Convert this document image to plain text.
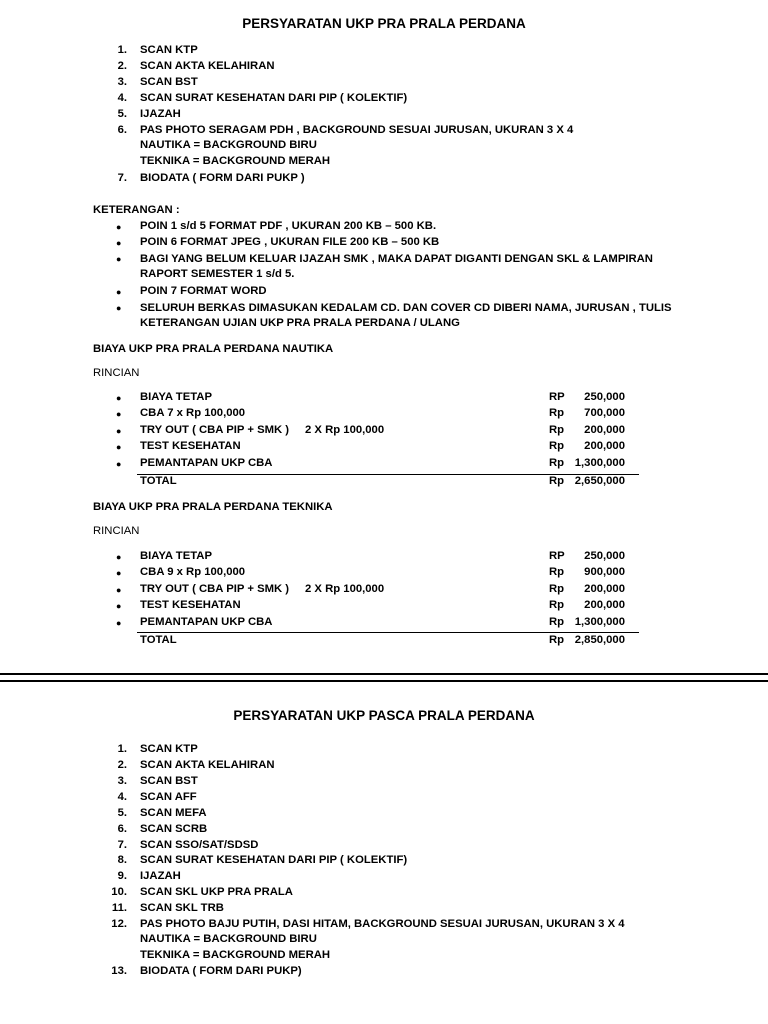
PERSYARATAN UKP PRA PRALA PERDANA
1. SCAN KTP
2. SCAN AKTA KELAHIRAN
3. SCAN BST
4. SCAN SURAT KESEHATAN DARI PIP ( KOLEKTIF)
5. IJAZAH
6. PAS PHOTO SERAGAM PDH , BACKGROUND SESUAI JURUSAN, UKURAN 3 X 4
NAUTIKA = BACKGROUND BIRU
TEKNIKA = BACKGROUND MERAH
7. BIODATA ( FORM DARI PUKP )
KETERANGAN :
● POIN 1 s/d 5 FORMAT PDF , UKURAN 200 KB – 500 KB.
● POIN 6 FORMAT JPEG , UKURAN FILE 200 KB – 500 KB
● BAGI YANG BELUM KELUAR IJAZAH SMK , MAKA DAPAT DIGANTI DENGAN SKL & LAMPIRAN
RAPORT SEMESTER 1 s/d 5.
● POIN 7 FORMAT WORD
● SELURUH BERKAS DIMASUKAN KEDALAM CD. DAN COVER CD DIBERI NAMA, JURUSAN , TULIS
KETERANGAN UJIAN UKP PRA PRALA PERDANA / ULANG
BIAYA UKP PRA PRALA PERDANA NAUTIKA
RINCIAN
● BIAYA TETAP	RP	250,000
● CBA 7 x Rp 100,000	Rp	700,000
● TRY OUT ( CBA PIP + SMK ) 2 X Rp 100,000	Rp	200,000
● TEST KESEHATAN	Rp	200,000
● PEMANTAPAN UKP CBA	Rp 1,300,000
TOTAL	Rp 2,650,000
BIAYA UKP PRA PRALA PERDANA TEKNIKA
RINCIAN
● BIAYA TETAP	RP	250,000
● CBA 9 x Rp 100,000	Rp	900,000
● TRY OUT ( CBA PIP + SMK ) 2 X Rp 100,000	Rp	200,000
● TEST KESEHATAN	Rp	200,000
● PEMANTAPAN UKP CBA	Rp 1,300,000
TOTAL	Rp 2,850,000
PERSYARATAN UKP PASCA PRALA PERDANA
1. SCAN KTP
2. SCAN AKTA KELAHIRAN
3. SCAN BST
4. SCAN AFF
5. SCAN MEFA
6. SCAN SCRB
7. SCAN SSO/SAT/SDSD
8. SCAN SURAT KESEHATAN DARI PIP ( KOLEKTIF)
9. IJAZAH
10. SCAN SKL UKP PRA PRALA
11. SCAN SKL TRB
12. PAS PHOTO BAJU PUTIH, DASI HITAM, BACKGROUND SESUAI JURUSAN, UKURAN 3 X 4
NAUTIKA = BACKGROUND BIRU
TEKNIKA = BACKGROUND MERAH
13. BIODATA ( FORM DARI PUKP)
